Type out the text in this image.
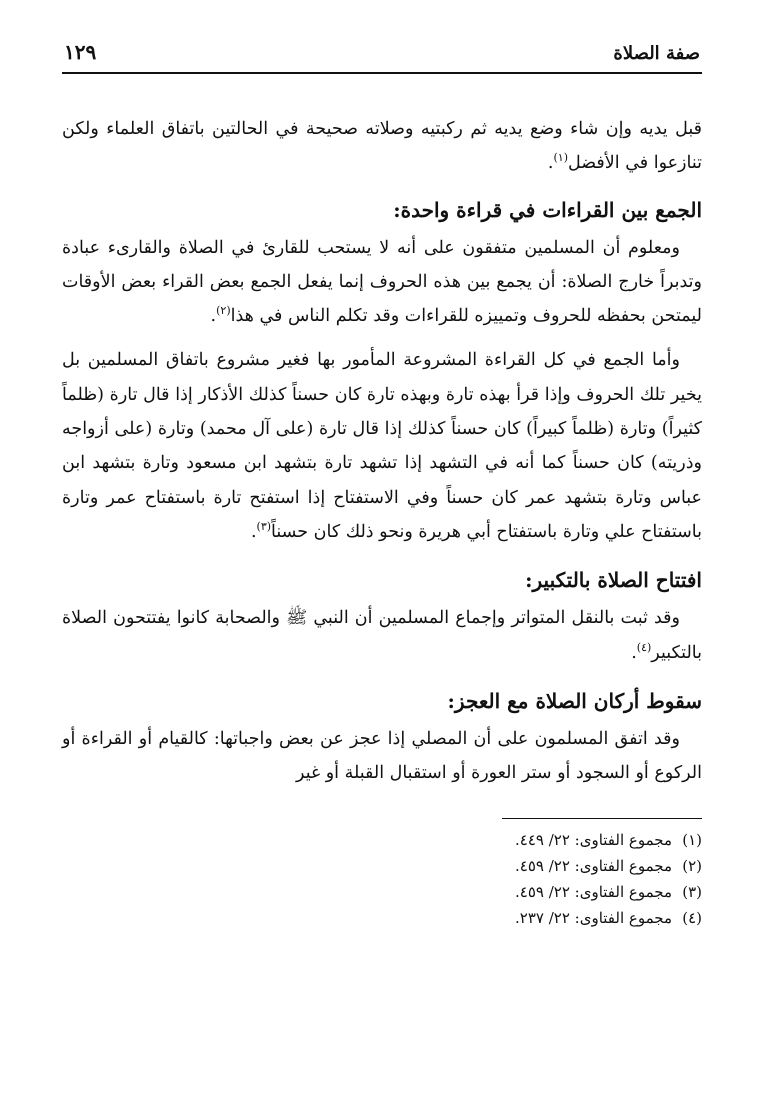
صفة الصلاة
١٢٩

قبل يديه وإن شاء وضع يديه ثم ركبتيه وصلاته صحيحة في الحالتين باتفاق العلماء ولكن تنازعوا في الأفضل$^{(١)}$.

الجمع بين القراءات في قراءة واحدة:

ومعلوم أن المسلمين متفقون على أنه لا يستحب للقارئ في الصلاة والقارىء عبادة وتدبراً خارج الصلاة: أن يجمع بين هذه الحروف إنما يفعل الجمع بعض القراء بعض الأوقات ليمتحن بحفظه للحروف وتمييزه للقراءات وقد تكلم الناس في هذا$^{(٢)}$.

وأما الجمع في كل القراءة المشروعة المأمور بها فغير مشروع باتفاق المسلمين بل يخير تلك الحروف وإذا قرأ بهذه تارة وبهذه تارة كان حسناً كذلك الأذكار إذا قال تارة (ظلماً كثيراً) وتارة (ظلماً كبيراً) كان حسناً كذلك إذا قال تارة (على آل محمد) وتارة (على أزواجه وذريته) كان حسناً كما أنه في التشهد إذا تشهد تارة بتشهد ابن مسعود وتارة بتشهد ابن عباس وتارة بتشهد عمر كان حسناً وفي الاستفتاح إذا استفتح تارة باستفتاح عمر وتارة باستفتاح علي وتارة باستفتاح أبي هريرة ونحو ذلك كان حسناً$^{(٣)}$.

افتتاح الصلاة بالتكبير:

وقد ثبت بالنقل المتواتر وإجماع المسلمين أن النبي ﷺ والصحابة كانوا يفتتحون الصلاة بالتكبير$^{(٤)}$.

سقوط أركان الصلاة مع العجز:

وقد اتفق المسلمون على أن المصلي إذا عجز عن بعض واجباتها: كالقيام أو القراءة أو الركوع أو السجود أو ستر العورة أو استقبال القبلة أو غير

(١)مجموع الفتاوى: ٢٢/ ٤٤٩.

(٢)مجموع الفتاوى: ٢٢/ ٤٥٩.

(٣)مجموع الفتاوى: ٢٢/ ٤٥٩.

(٤)مجموع الفتاوى: ٢٢/ ٢٣٧.
